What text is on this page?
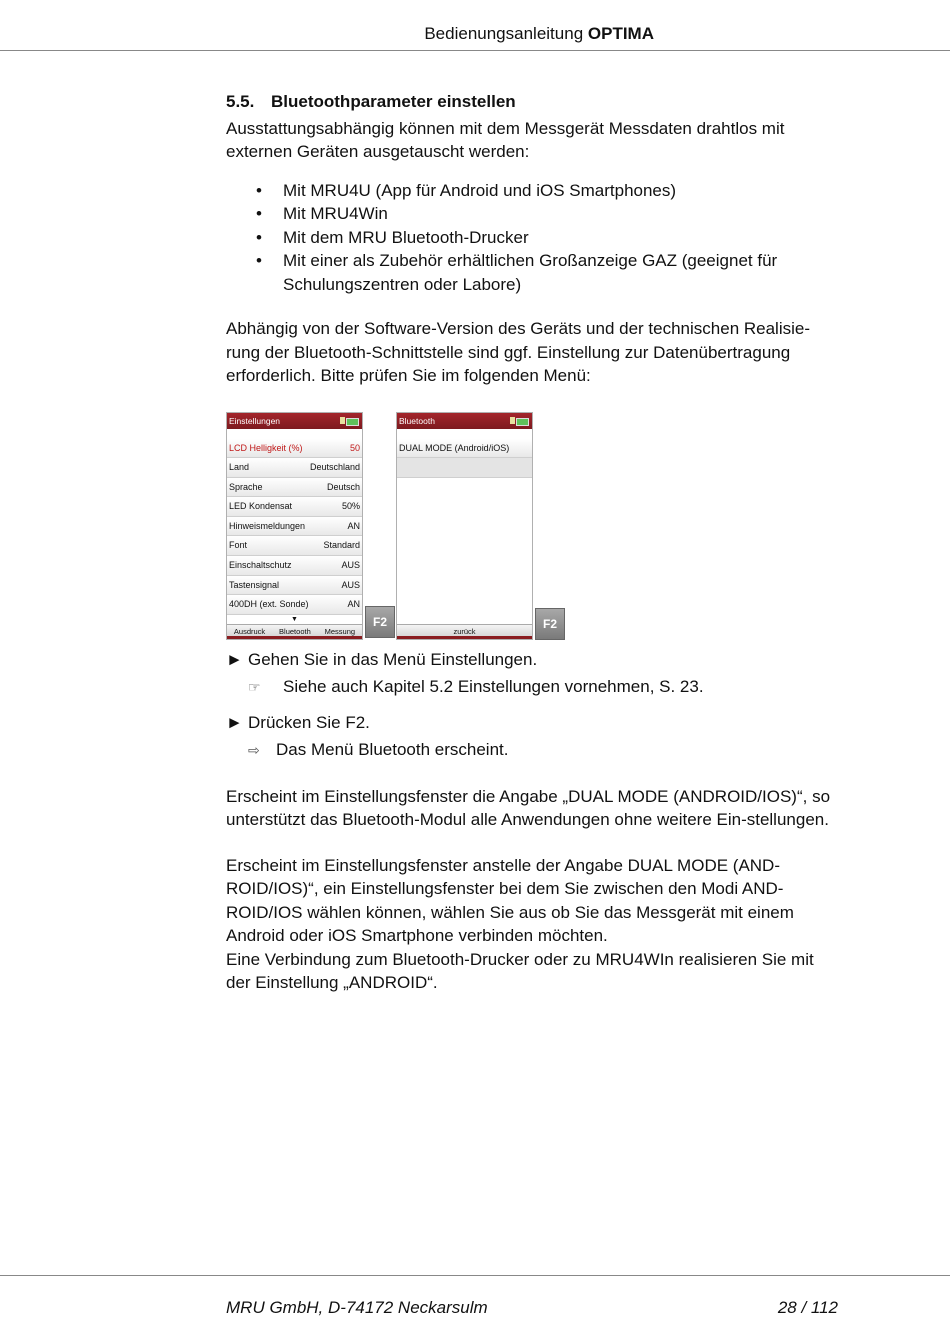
Bedienungsanleitung OPTIMA
5.5. Bluetoothparameter einstellen

Ausstattungsabhängig können mit dem Messgerät Messdaten drahtlos mit externen Geräten ausgetauscht werden:

• Mit MRU4U (App für Android und iOS Smartphones)
• Mit MRU4Win
• Mit dem MRU Bluetooth-Drucker
• Mit einer als Zubehör erhältlichen Großanzeige GAZ (geeignet für Schulungszentren oder Labore)

Abhängig von der Software-Version des Geräts und der technischen Realisie-rung der Bluetooth-Schnittstelle sind ggf. Einstellung zur Datenübertragung erforderlich. Bitte prüfen Sie im folgenden Menü:

Einstellungen
LCD Helligkeit (%)	50
Land	Deutschland
Sprache	Deutsch
LED Kondensat	50%
Hinweismeldungen	AN
Font	Standard
Einschaltschutz	AUS
Tastensignal	AUS
400DH (ext. Sonde)	AN
▼
Ausdruck Bluetooth Messung
F2
Bluetooth
DUAL MODE (Android/iOS)
zurück
F2
► Gehen Sie in das Menü Einstellungen.
☞ Siehe auch Kapitel 5.2 Einstellungen vornehmen, S. 23.
► Drücken Sie F2.
⇨ Das Menü Bluetooth erscheint.

Erscheint im Einstellungsfenster die Angabe „DUAL MODE (ANDROID/IOS)“, so unterstützt das Bluetooth-Modul alle Anwendungen ohne weitere Ein-stellungen.

Erscheint im Einstellungsfenster anstelle der Angabe DUAL MODE (AND-ROID/IOS)“, ein Einstellungsfenster bei dem Sie zwischen den Modi AND-ROID/IOS wählen können, wählen Sie aus ob Sie das Messgerät mit einem Android oder iOS Smartphone verbinden möchten.

Eine Verbindung zum Bluetooth-Drucker oder zu MRU4WIn realisieren Sie mit der Einstellung „ANDROID“.

MRU GmbH, D-74172 Neckarsulm	28 / 112
